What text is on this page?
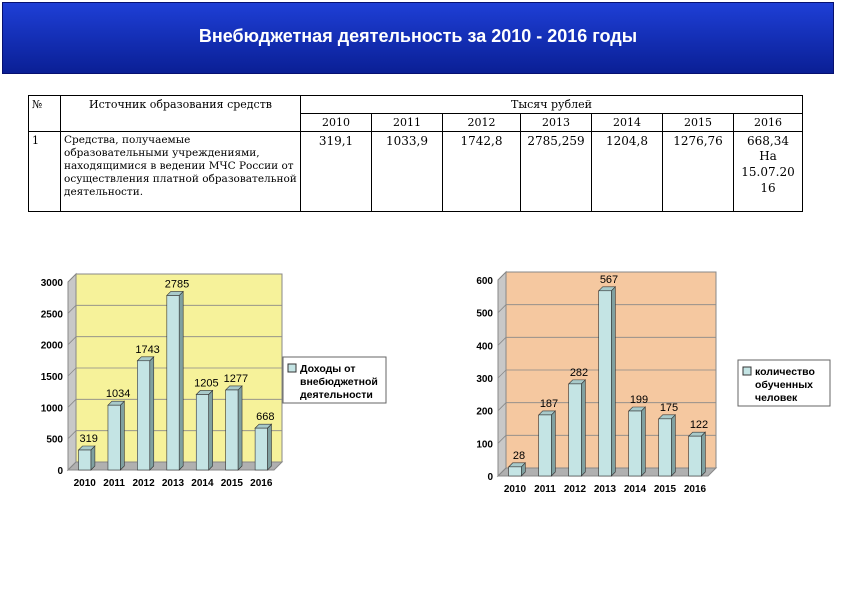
Внебюджетная деятельность за 2010 - 2016 годы
№	Источник образования средств	Тысяч рублей						
		2010	2011	2012	2013	2014	2015	2016
1	Средства, получаемые образовательными учреждениями, находящимися в ведении МЧС России от осуществления платной образовательной деятельности.	319,1	1033,9	1742,8	2785,259	1204,8	1276,76	668,34
На 15.07.20 16
0
500
1000
1500
2000
2500
3000
319
2010
1034
2011
1743
2012
2785
2013
1205
2014
1277
2015
668
2016
Доходы от
внебюджетной
деятельности
0
100
200
300
400
500
600
28
2010
187
2011
282
2012
567
2013
199
2014
175
2015
122
2016
количество
обученных
человек
